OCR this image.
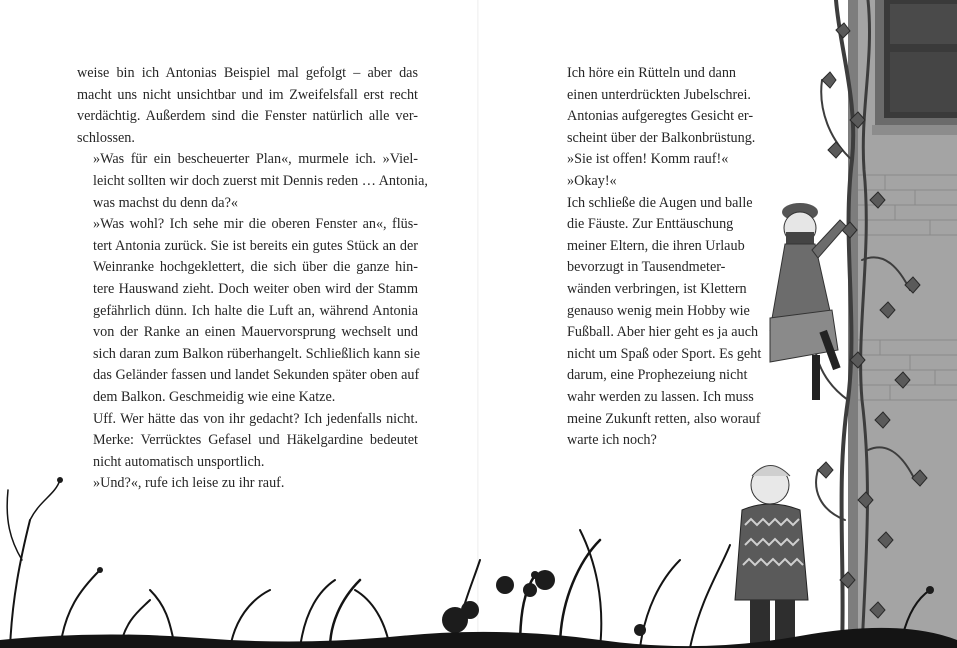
weise bin ich Antonias Beispiel mal gefolgt – aber das
macht uns nicht unsichtbar und im Zweifelsfall erst recht
verdächtig. Außerdem sind die Fenster natürlich alle ver-
schlossen.

»Was für ein bescheuerter Plan«, murmele ich. »Viel-
leicht sollten wir doch zuerst mit Dennis reden … Antonia,
was machst du denn da?«

»Was wohl? Ich sehe mir die oberen Fenster an«, flüs-
tert Antonia zurück. Sie ist bereits ein gutes Stück an der
Weinranke hochgeklettert, die sich über die ganze hin-
tere Hauswand zieht. Doch weiter oben wird der Stamm
gefährlich dünn. Ich halte die Luft an, während Antonia
von der Ranke an einen Mauervorsprung wechselt und
sich daran zum Balkon rüberhangelt. Schließlich kann sie
das Geländer fassen und landet Sekunden später oben auf
dem Balkon. Geschmeidig wie eine Katze.

Uff. Wer hätte das von ihr gedacht? Ich jedenfalls nicht.
Merke: Verrücktes Gefasel und Häkelgardine bedeutet
nicht automatisch unsportlich.

»Und?«, rufe ich leise zu ihr rauf.

Ich höre ein Rütteln und dann
einen unterdrückten Jubelschrei.
Antonias aufgeregtes Gesicht er-
scheint über der Balkonbrüstung.

»Sie ist offen! Komm rauf!«

»Okay!«

Ich schließe die Augen und balle
die Fäuste. Zur Enttäuschung
meiner Eltern, die ihren Urlaub
bevorzugt in Tausendmeter-
wänden verbringen, ist Klettern
genauso wenig mein Hobby wie
Fußball. Aber hier geht es ja auch
nicht um Spaß oder Sport. Es geht
darum, eine Prophezeiung nicht
wahr werden zu lassen. Ich muss
meine Zukunft retten, also worauf
warte ich noch?
